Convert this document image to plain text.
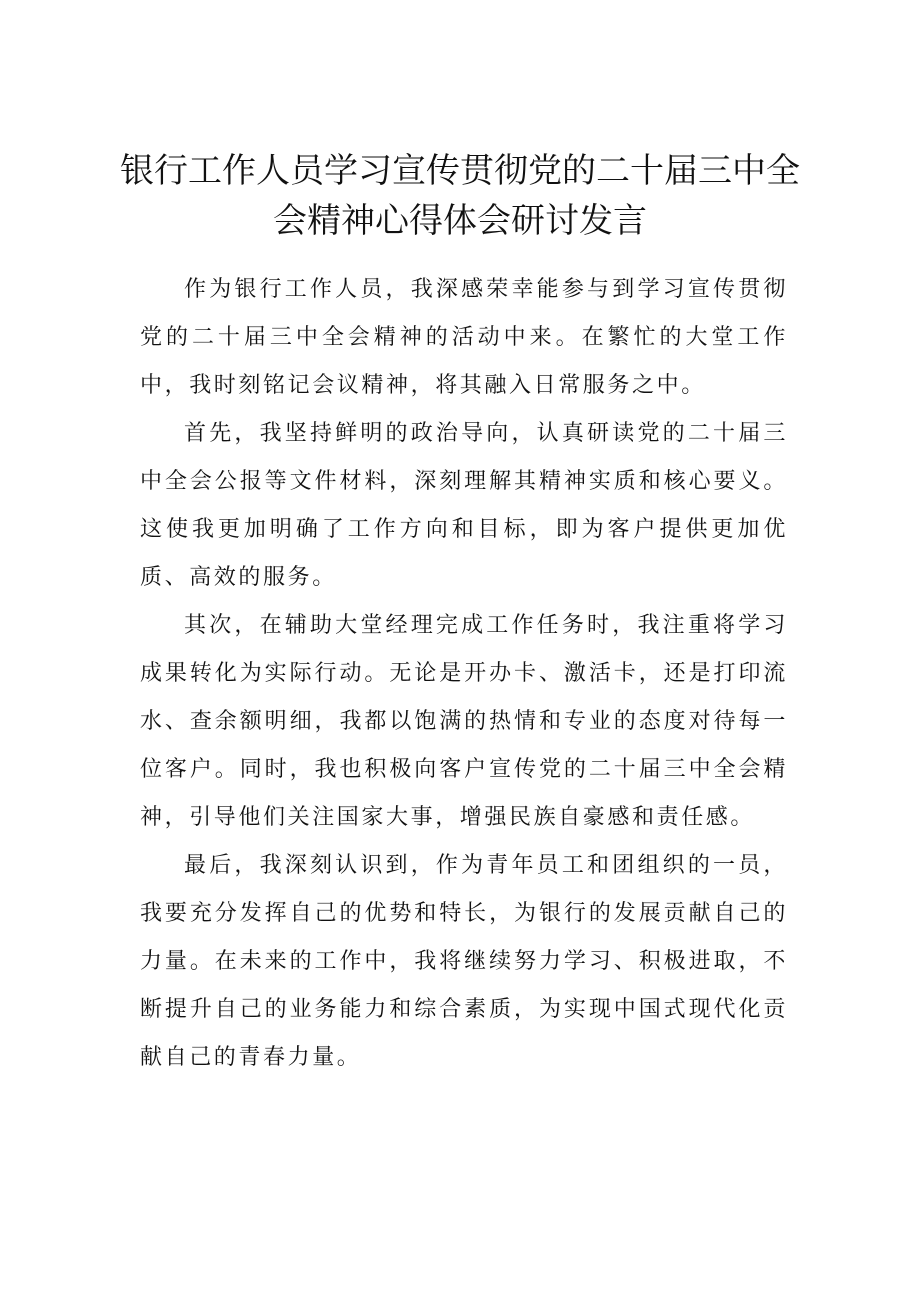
银行工作人员学习宣传贯彻党的二十届三中全
会精神心得体会研讨发言

作为银行工作人员，我深感荣幸能参与到学习宣传贯彻党的二十届三中全会精神的活动中来。在繁忙的大堂工作中，我时刻铭记会议精神，将其融入日常服务之中。

首先，我坚持鲜明的政治导向，认真研读党的二十届三中全会公报等文件材料，深刻理解其精神实质和核心要义。这使我更加明确了工作方向和目标，即为客户提供更加优质、高效的服务。

其次，在辅助大堂经理完成工作任务时，我注重将学习成果转化为实际行动。无论是开办卡、激活卡，还是打印流水、查余额明细，我都以饱满的热情和专业的态度对待每一位客户。同时，我也积极向客户宣传党的二十届三中全会精神，引导他们关注国家大事，增强民族自豪感和责任感。

最后，我深刻认识到，作为青年员工和团组织的一员，我要充分发挥自己的优势和特长，为银行的发展贡献自己的力量。在未来的工作中，我将继续努力学习、积极进取，不断提升自己的业务能力和综合素质，为实现中国式现代化贡献自己的青春力量。
